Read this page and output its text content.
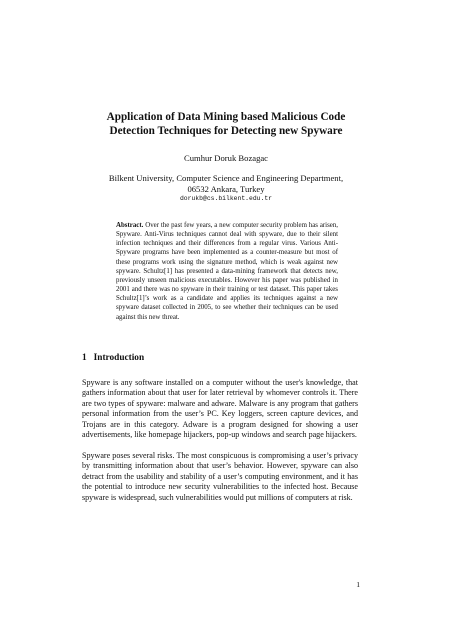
Application of Data Mining based Malicious Code
Detection Techniques for Detecting new Spyware
Cumhur Doruk Bozagac
Bilkent University, Computer Science and Engineering Department,
06532 Ankara, Turkey
dorukb@cs.bilkent.edu.tr
Abstract. Over the past few years, a new computer security problem has arisen, Spyware. Anti-Virus techniques cannot deal with spyware, due to their silent infection techniques and their differences from a regular virus. Various Anti-Spyware programs have been implemented as a counter-measure but most of these programs work using the signature method, which is weak against new spyware. Schultz[1] has presented a data-mining framework that detects new, previously unseen malicious executables. However his paper was published in 2001 and there was no spyware in their training or test dataset. This paper takes Schultz[1]’s work as a candidate and applies its techniques against a new spyware dataset collected in 2005, to see whether their techniques can be used against this new threat.
1 Introduction
Spyware is any software installed on a computer without the user's knowledge, that gathers information about that user for later retrieval by whomever controls it. There are two types of spyware: malware and adware. Malware is any program that gathers personal information from the user’s PC. Key loggers, screen capture devices, and Trojans are in this category. Adware is a program designed for showing a user advertisements, like homepage hijackers, pop-up windows and search page hijackers.
Spyware poses several risks. The most conspicuous is compromising a user’s privacy by transmitting information about that user’s behavior. However, spyware can also detract from the usability and stability of a user’s computing environment, and it has the potential to introduce new security vulnerabilities to the infected host. Because spyware is widespread, such vulnerabilities would put millions of computers at risk.
1
